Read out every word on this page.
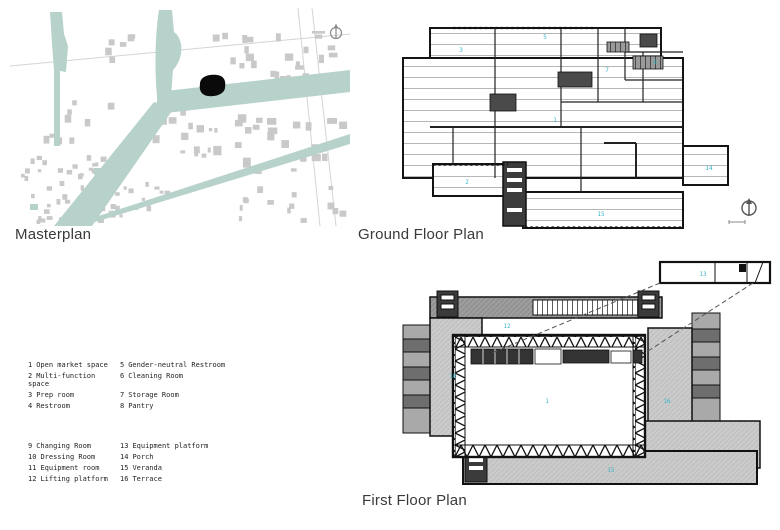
Masterplan
5
3
7
6
1
2
14
15
Ground Floor Plan
13
12
16
1	16
15
First Floor Plan
1 Open market space	5 Gender-neutral Restroom
2 Multi-function space
6 Cleaning Room
3 Prep room	7 Storage Room
4 Restroom	8 Pantry
9 Changing Room	13 Equipment platform
10 Dressing Room	14 Porch
11 Equipment room	15 Veranda
12 Lifting platform	16 Terrace
